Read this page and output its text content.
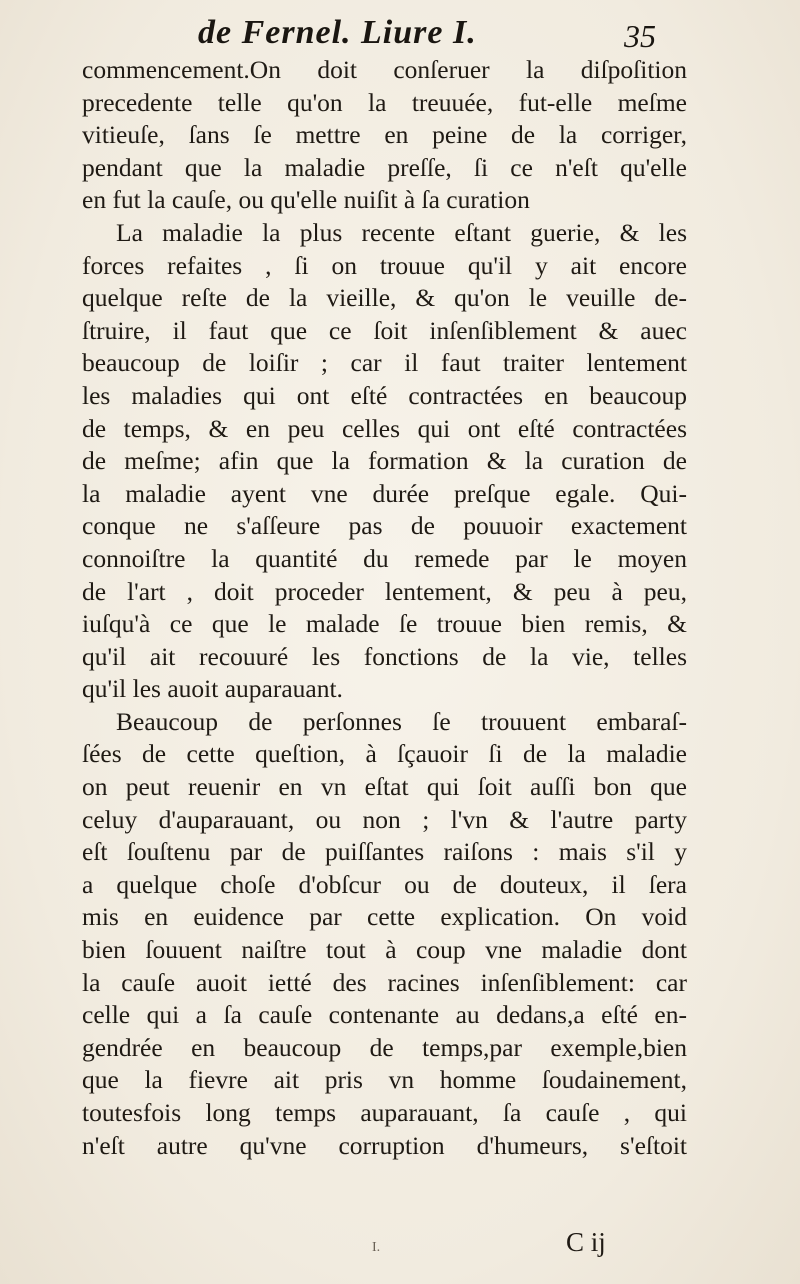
de Fernel. Liure I.	35
commencement.On doit conſeruer la diſpoſition
precedente telle qu'on la treuuée, fut-elle meſme
vitieuſe, ſans ſe mettre en peine de la corriger,
pendant que la maladie preſſe, ſi ce n'eſt qu'elle
en fut la cauſe, ou qu'elle nuiſit à ſa curation
La maladie la plus recente eſtant guerie, & les
forces refaites , ſi on trouue qu'il y ait encore
quelque reſte de la vieille, & qu'on le veuille de-
ſtruire, il faut que ce ſoit inſenſiblement & auec
beaucoup de loiſir ; car il faut traiter lentement
les maladies qui ont eſté contractées en beaucoup
de temps, & en peu celles qui ont eſté contractées
de meſme; afin que la formation & la curation de
la maladie ayent vne durée preſque egale. Qui-
conque ne s'aſſeure pas de pouuoir exactement
connoiſtre la quantité du remede par le moyen
de l'art , doit proceder lentement, & peu à peu,
iuſqu'à ce que le malade ſe trouue bien remis, &
qu'il ait recouuré les fonctions de la vie, telles
qu'il les auoit auparauant.
Beaucoup de perſonnes ſe trouuent embaraſ-
ſées de cette queſtion, à ſçauoir ſi de la maladie
on peut reuenir en vn eſtat qui ſoit auſſi bon que
celuy d'auparauant, ou non ; l'vn & l'autre party
eſt ſouſtenu par de puiſſantes raiſons : mais s'il y
a quelque choſe d'obſcur ou de douteux, il ſera
mis en euidence par cette explication. On void
bien ſouuent naiſtre tout à coup vne maladie dont
la cauſe auoit ietté des racines inſenſiblement: car
celle qui a ſa cauſe contenante au dedans,a eſté en-
gendrée en beaucoup de temps,par exemple,bien
que la fievre ait pris vn homme ſoudainement,
toutesfois long temps auparauant, ſa cauſe , qui
n'eſt autre qu'vne corruption d'humeurs, s'eſtoit
I.	C ij
